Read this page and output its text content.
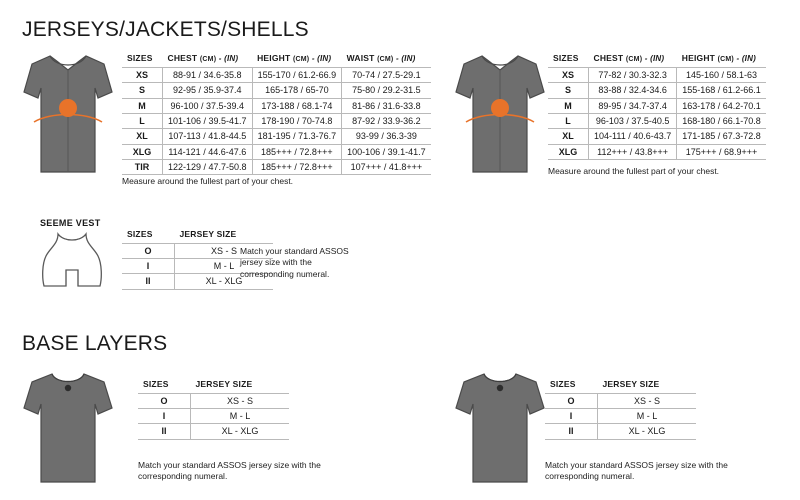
JERSEYS/JACKETS/SHELLS
BASE LAYERS
SIZES	CHEST (CM) - (IN)	HEIGHT (CM) - (IN)	WAIST (CM) - (IN)
XS	88-91 / 34.6-35.8	155-170 / 61.2-66.9	70-74 / 27.5-29.1
S	92-95 / 35.9-37.4	165-178 / 65-70	75-80 / 29.2-31.5
M	96-100 / 37.5-39.4	173-188 / 68.1-74	81-86 / 31.6-33.8
L	101-106 / 39.5-41.7	178-190 / 70-74.8	87-92 / 33.9-36.2
XL	107-113 / 41.8-44.5	181-195 / 71.3-76.7	93-99 / 36.3-39
XLG	114-121 / 44.6-47.6	185+++ / 72.8+++	100-106 / 39.1-41.7
TIR	122-129 / 47.7-50.8	185+++ / 72.8+++	107+++ / 41.8+++
Measure around the fullest part of your chest.
SIZES	CHEST (CM) - (IN)	HEIGHT (CM) - (IN)
XS	77-82 / 30.3-32.3	145-160 / 58.1-63
S	83-88 / 32.4-34.6	155-168 / 61.2-66.1
M	89-95 / 34.7-37.4	163-178 / 64.2-70.1
L	96-103 / 37.5-40.5	168-180 / 66.1-70.8
XL	104-111 / 40.6-43.7	171-185 / 67.3-72.8
XLG	112+++ / 43.8+++	175+++ / 68.9+++
Measure around the fullest part of your chest.
SEEME VEST
SIZES	JERSEY SIZE
O	XS - S
I	M - L
II	XL - XLG
Match your standard ASSOS jersey size with the corresponding numeral.
SIZES	JERSEY SIZE
O	XS - S
I	M - L
II	XL - XLG
Match your standard ASSOS jersey size with the corresponding numeral.
SIZES	JERSEY SIZE
O	XS - S
I	M - L
II	XL - XLG
Match your standard ASSOS jersey size with the corresponding numeral.
